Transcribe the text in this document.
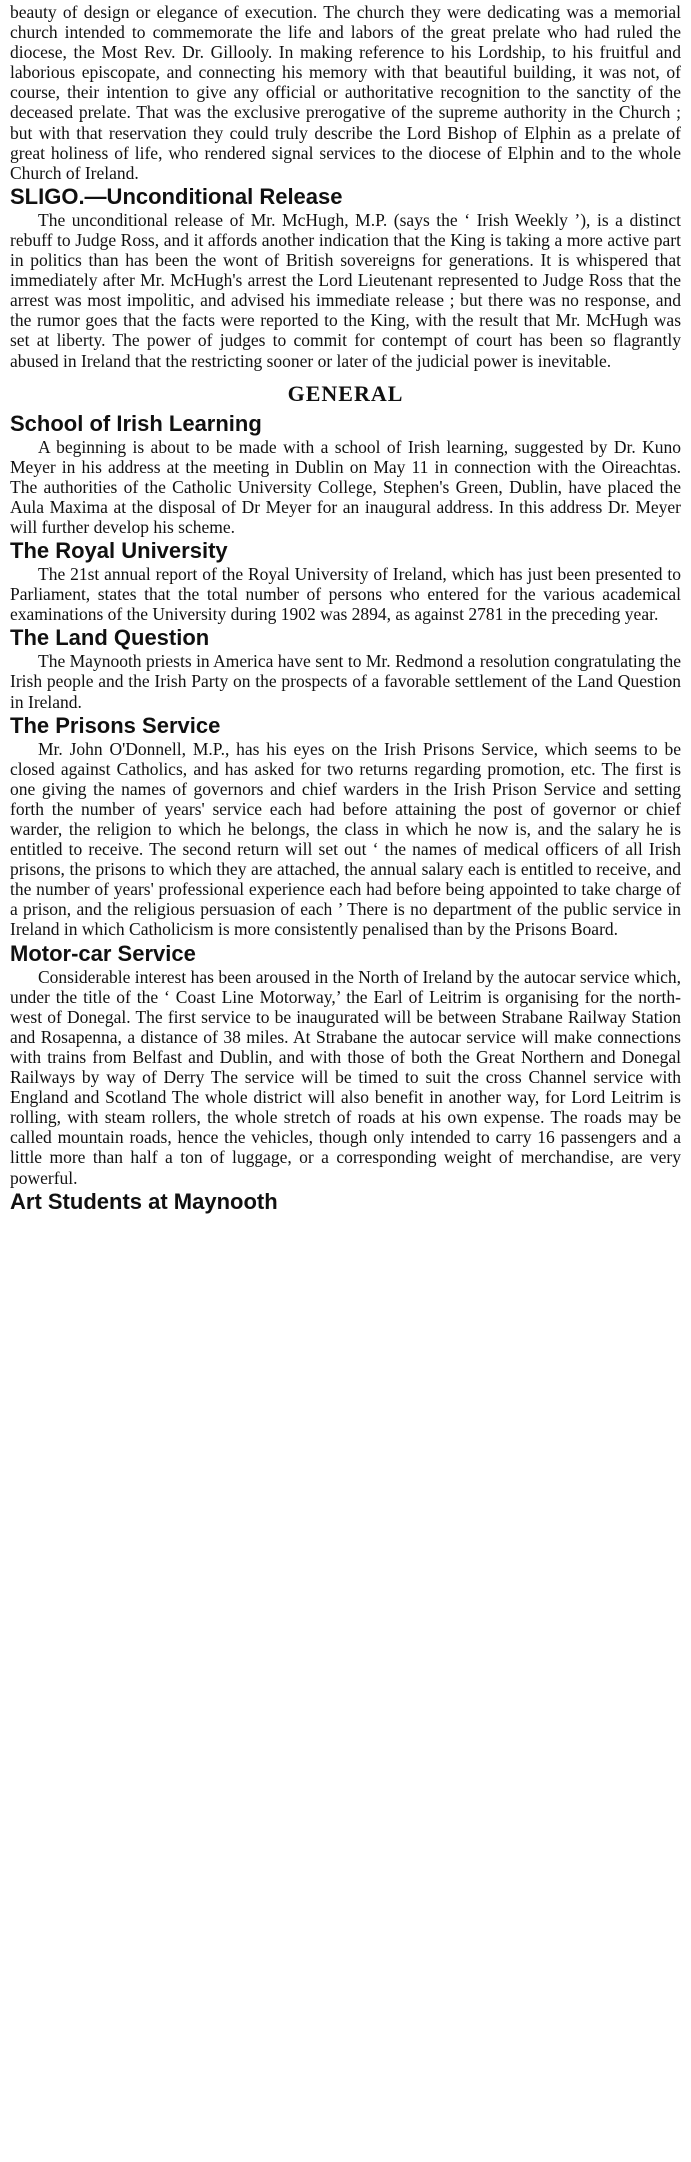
beauty of design or elegance of execution. The church they were dedicating was a memorial church intended to commemorate the life and labors of the great prelate who had ruled the diocese, the Most Rev. Dr. Gillooly. In making reference to his Lordship, to his fruitful and laborious episcopate, and connecting his memory with that beautiful building, it was not, of course, their intention to give any official or authoritative recognition to the sanctity of the deceased prelate. That was the exclusive prerogative of the supreme authority in the Church ; but with that reservation they could truly describe the Lord Bishop of Elphin as a prelate of great holiness of life, who rendered signal services to the diocese of Elphin and to the whole Church of Ireland.

SLIGO.—Unconditional Release

The unconditional release of Mr. McHugh, M.P. (says the ‘ Irish Weekly ’), is a distinct rebuff to Judge Ross, and it affords another indication that the King is taking a more active part in politics than has been the wont of British sovereigns for generations. It is whispered that immediately after Mr. McHugh's arrest the Lord Lieutenant represented to Judge Ross that the arrest was most impolitic, and advised his immediate release ; but there was no response, and the rumor goes that the facts were reported to the King, with the result that Mr. McHugh was set at liberty. The power of judges to commit for contempt of court has been so flagrantly abused in Ireland that the restricting sooner or later of the judicial power is inevitable.

GENERAL
School of Irish Learning

A beginning is about to be made with a school of Irish learning, suggested by Dr. Kuno Meyer in his address at the meeting in Dublin on May 11 in connection with the Oireachtas. The authorities of the Catholic University College, Stephen's Green, Dublin, have placed the Aula Maxima at the disposal of Dr Meyer for an inaugural address. In this address Dr. Meyer will further develop his scheme.

The Royal University

The 21st annual report of the Royal University of Ireland, which has just been presented to Parliament, states that the total number of persons who entered for the various academical examinations of the University during 1902 was 2894, as against 2781 in the preceding year.

The Land Question

The Maynooth priests in America have sent to Mr. Redmond a resolution congratulating the Irish people and the Irish Party on the prospects of a favorable settlement of the Land Question in Ireland.

The Prisons Service

Mr. John O'Donnell, M.P., has his eyes on the Irish Prisons Service, which seems to be closed against Catholics, and has asked for two returns regarding promotion, etc. The first is one giving the names of governors and chief warders in the Irish Prison Service and setting forth the number of years' service each had before attaining the post of governor or chief warder, the religion to which he belongs, the class in which he now is, and the salary he is entitled to receive. The second return will set out ‘ the names of medical officers of all Irish prisons, the prisons to which they are attached, the annual salary each is entitled to receive, and the number of years' professional experience each had before being appointed to take charge of a prison, and the religious persuasion of each ’ There is no department of the public service in Ireland in which Catholicism is more consistently penalised than by the Prisons Board.

Motor-car Service

Considerable interest has been aroused in the North of Ireland by the autocar service which, under the title of the ‘ Coast Line Motorway,’ the Earl of Leitrim is organising for the north-west of Donegal. The first service to be inaugurated will be between Strabane Railway Station and Rosapenna, a distance of 38 miles. At Strabane the autocar service will make connections with trains from Belfast and Dublin, and with those of both the Great Northern and Donegal Railways by way of Derry The service will be timed to suit the cross Channel service with England and Scotland The whole district will also benefit in another way, for Lord Leitrim is rolling, with steam rollers, the whole stretch of roads at his own expense. The roads may be called mountain roads, hence the vehicles, though only intended to carry 16 passengers and a little more than half a ton of luggage, or a corresponding weight of merchandise, are very powerful.

Art Students at Maynooth
